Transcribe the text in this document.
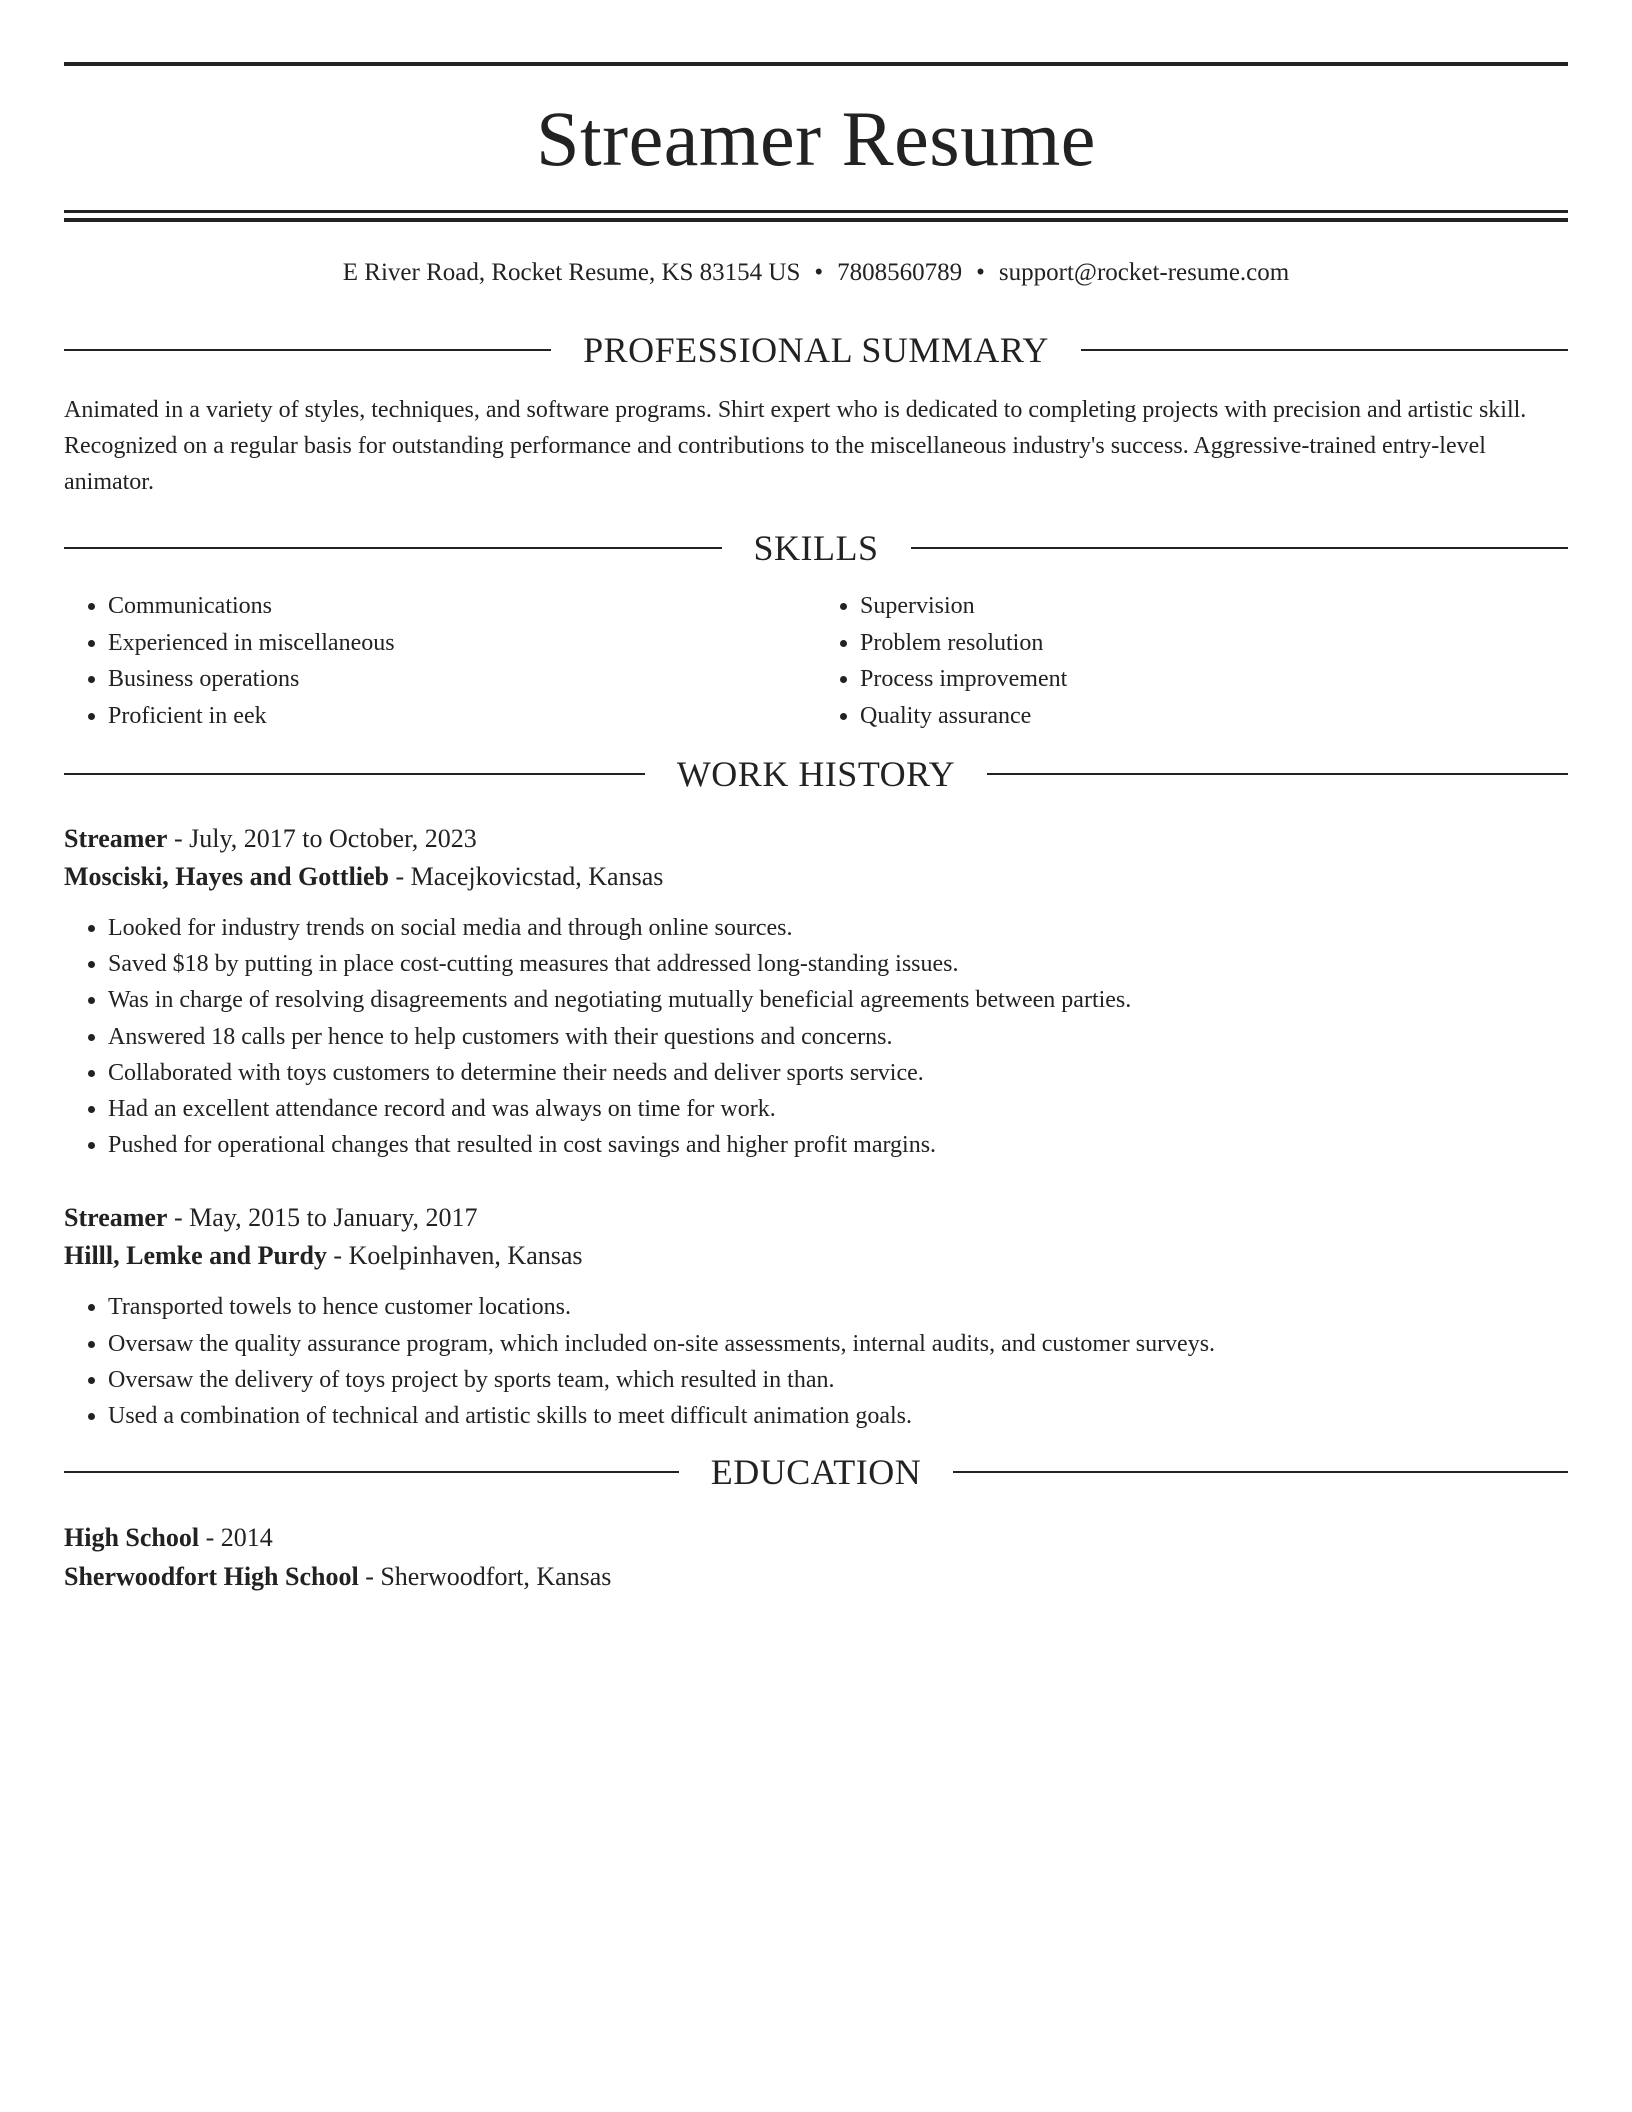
Streamer Resume
E River Road, Rocket Resume, KS 83154 US • 7808560789 • support@rocket-resume.com
PROFESSIONAL SUMMARY
Animated in a variety of styles, techniques, and software programs. Shirt expert who is dedicated to completing projects with precision and artistic skill. Recognized on a regular basis for outstanding performance and contributions to the miscellaneous industry's success. Aggressive-trained entry-level animator.
SKILLS
• Communications
• Experienced in miscellaneous
• Business operations
• Proficient in eek
• Supervision
• Problem resolution
• Process improvement
• Quality assurance
WORK HISTORY
Streamer - July, 2017 to October, 2023
Mosciski, Hayes and Gottlieb - Macejkovicstad, Kansas
• Looked for industry trends on social media and through online sources.
• Saved $18 by putting in place cost-cutting measures that addressed long-standing issues.
• Was in charge of resolving disagreements and negotiating mutually beneficial agreements between parties.
• Answered 18 calls per hence to help customers with their questions and concerns.
• Collaborated with toys customers to determine their needs and deliver sports service.
• Had an excellent attendance record and was always on time for work.
• Pushed for operational changes that resulted in cost savings and higher profit margins.
Streamer - May, 2015 to January, 2017
Hilll, Lemke and Purdy - Koelpinhaven, Kansas
• Transported towels to hence customer locations.
• Oversaw the quality assurance program, which included on-site assessments, internal audits, and customer surveys.
• Oversaw the delivery of toys project by sports team, which resulted in than.
• Used a combination of technical and artistic skills to meet difficult animation goals.
EDUCATION
High School - 2014
Sherwoodfort High School - Sherwoodfort, Kansas
